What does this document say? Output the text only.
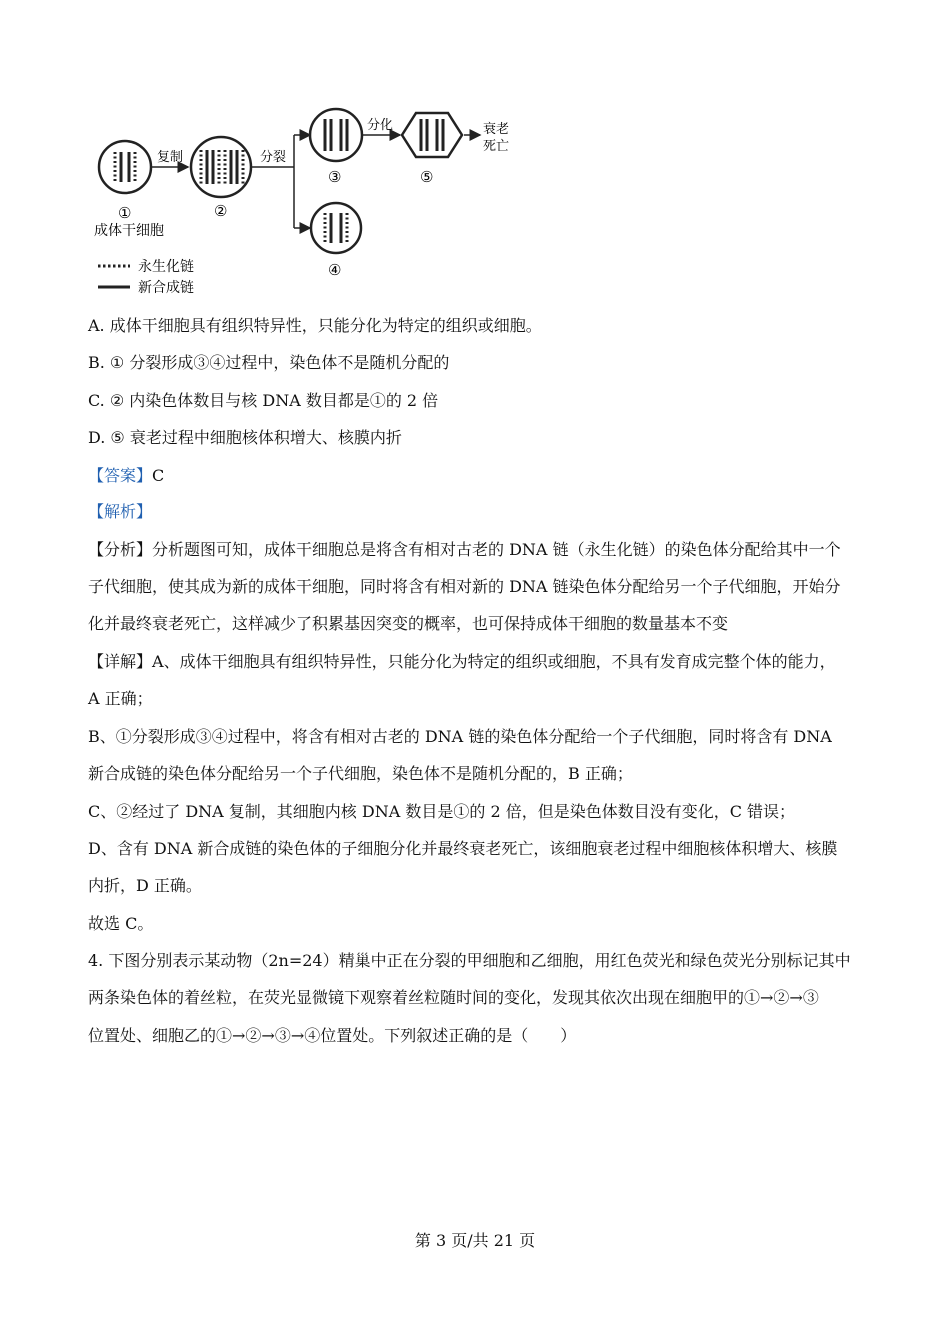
①
成体干细胞
复制
②
分裂
③
分化
⑤
衰老
死亡
④
永生化链
新合成链
A. 成体干细胞具有组织特异性，只能分化为特定的组织或细胞。
B. ① 分裂形成③④过程中，染色体不是随机分配的
C. ② 内染色体数目与核 DNA 数目都是①的 2 倍
D. ⑤ 衰老过程中细胞核体积增大、核膜内折
【答案】C
【解析】
【分析】分析题图可知，成体干细胞总是将含有相对古老的 DNA 链（永生化链）的染色体分配给其中一个
子代细胞，使其成为新的成体干细胞，同时将含有相对新的 DNA 链染色体分配给另一个子代细胞，开始分
化并最终衰老死亡，这样减少了积累基因突变的概率，也可保持成体干细胞的数量基本不变
【详解】A、成体干细胞具有组织特异性，只能分化为特定的组织或细胞，不具有发育成完整个体的能力，
A 正确；
B、①分裂形成③④过程中，将含有相对古老的 DNA 链的染色体分配给一个子代细胞，同时将含有 DNA
新合成链的染色体分配给另一个子代细胞，染色体不是随机分配的，B 正确；
C、②经过了 DNA 复制，其细胞内核 DNA 数目是①的 2 倍，但是染色体数目没有变化，C 错误；
D、含有 DNA 新合成链的染色体的子细胞分化并最终衰老死亡，该细胞衰老过程中细胞核体积增大、核膜
内折，D 正确。
故选 C。
4. 下图分别表示某动物（2n=24）精巢中正在分裂的甲细胞和乙细胞，用红色荧光和绿色荧光分别标记其中
两条染色体的着丝粒，在荧光显微镜下观察着丝粒随时间的变化，发现其依次出现在细胞甲的①→②→③
位置处、细胞乙的①→②→③→④位置处。下列叙述正确的是（　　）
第 3 页/共 21 页
